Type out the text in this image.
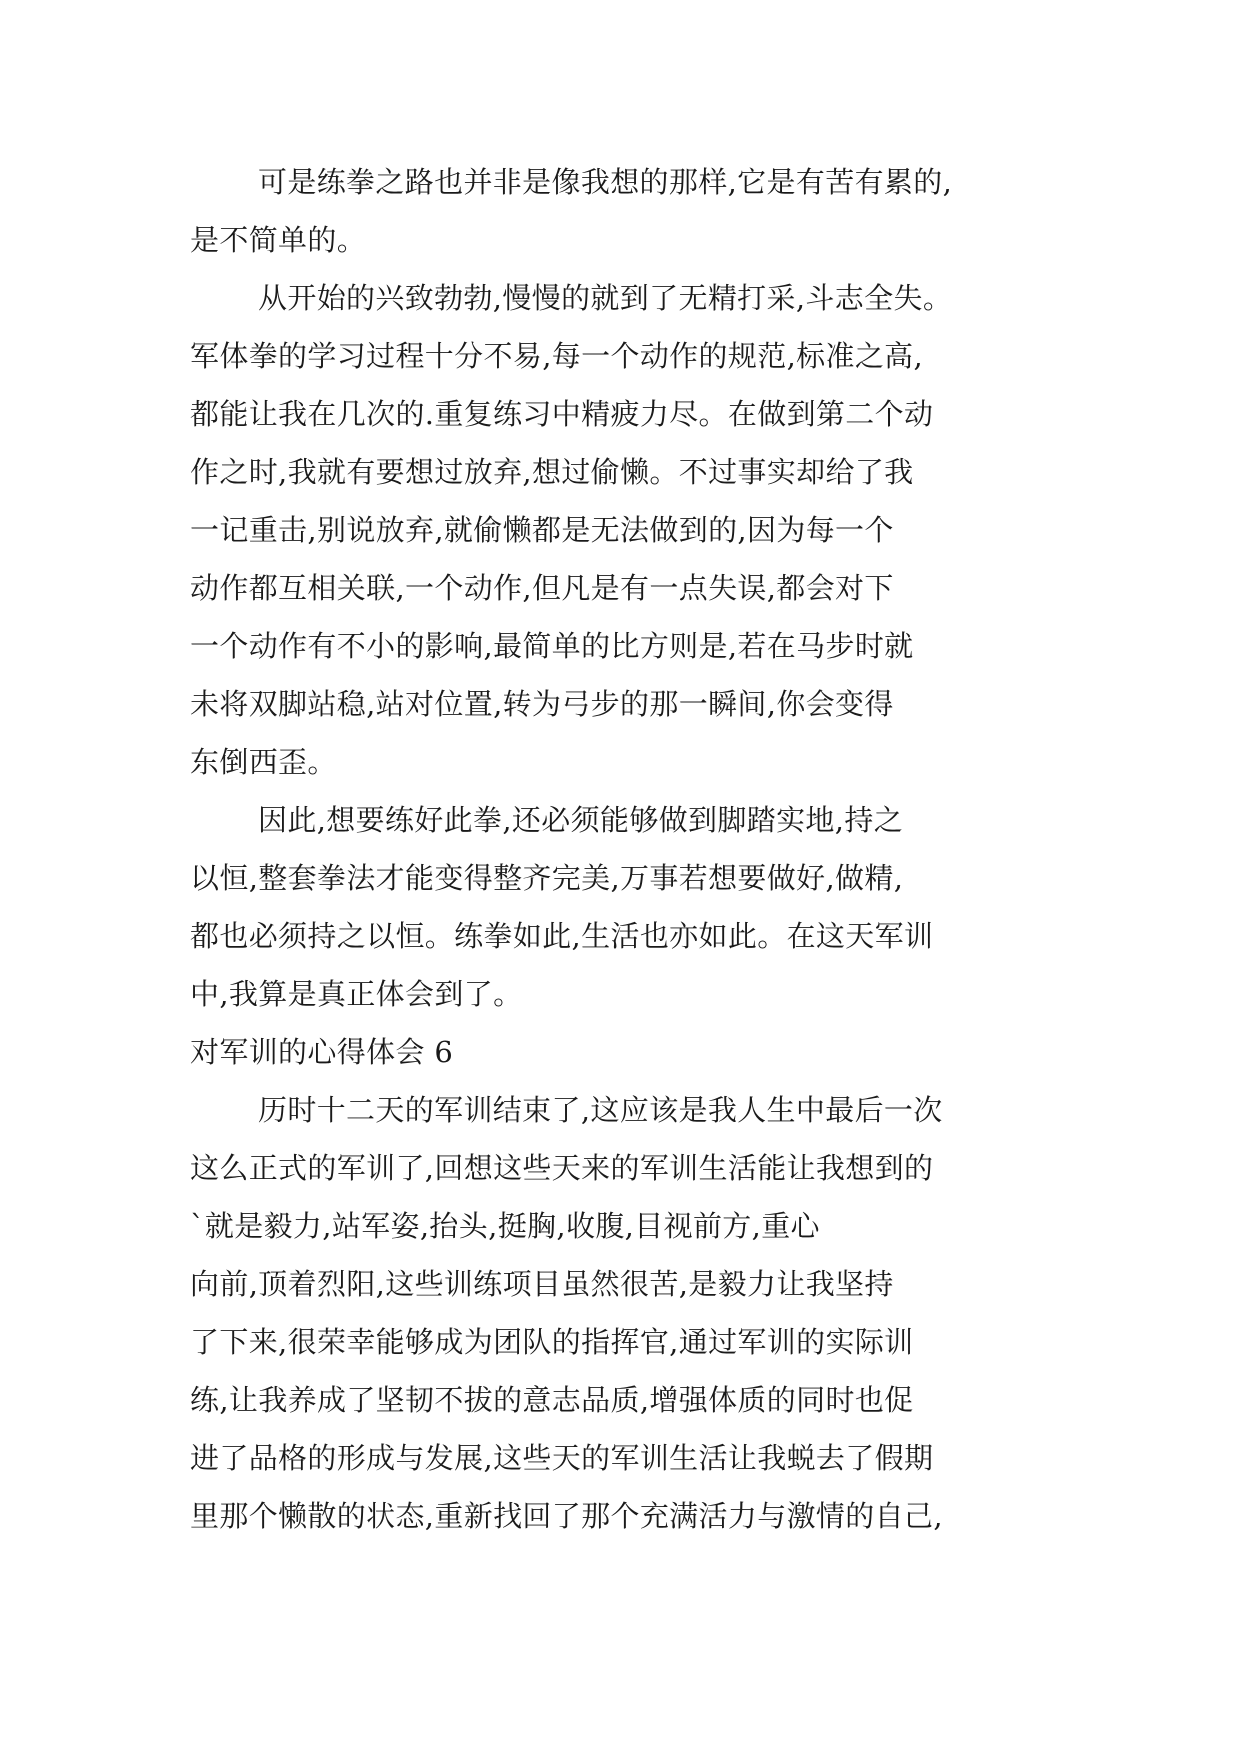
可是练拳之路也并非是像我想的那样,它是有苦有累的,
是不简单的。
从开始的兴致勃勃,慢慢的就到了无精打采,斗志全失。
军体拳的学习过程十分不易,每一个动作的规范,标准之高,
都能让我在几次的.重复练习中精疲力尽。在做到第二个动
作之时,我就有要想过放弃,想过偷懒。不过事实却给了我
一记重击,别说放弃,就偷懒都是无法做到的,因为每一个
动作都互相关联,一个动作,但凡是有一点失误,都会对下
一个动作有不小的影响,最简单的比方则是,若在马步时就
未将双脚站稳,站对位置,转为弓步的那一瞬间,你会变得
东倒西歪。
因此,想要练好此拳,还必须能够做到脚踏实地,持之
以恒,整套拳法才能变得整齐完美,万事若想要做好,做精,
都也必须持之以恒。练拳如此,生活也亦如此。在这天军训
中,我算是真正体会到了。
对军训的心得体会 6
历时十二天的军训结束了,这应该是我人生中最后一次
这么正式的军训了,回想这些天来的军训生活能让我想到的
`就是毅力,站军姿,抬头,挺胸,收腹,目视前方,重心
向前,顶着烈阳,这些训练项目虽然很苦,是毅力让我坚持
了下来,很荣幸能够成为团队的指挥官,通过军训的实际训
练,让我养成了坚韧不拔的意志品质,增强体质的同时也促
进了品格的形成与发展,这些天的军训生活让我蜕去了假期
里那个懒散的状态,重新找回了那个充满活力与激情的自己,
